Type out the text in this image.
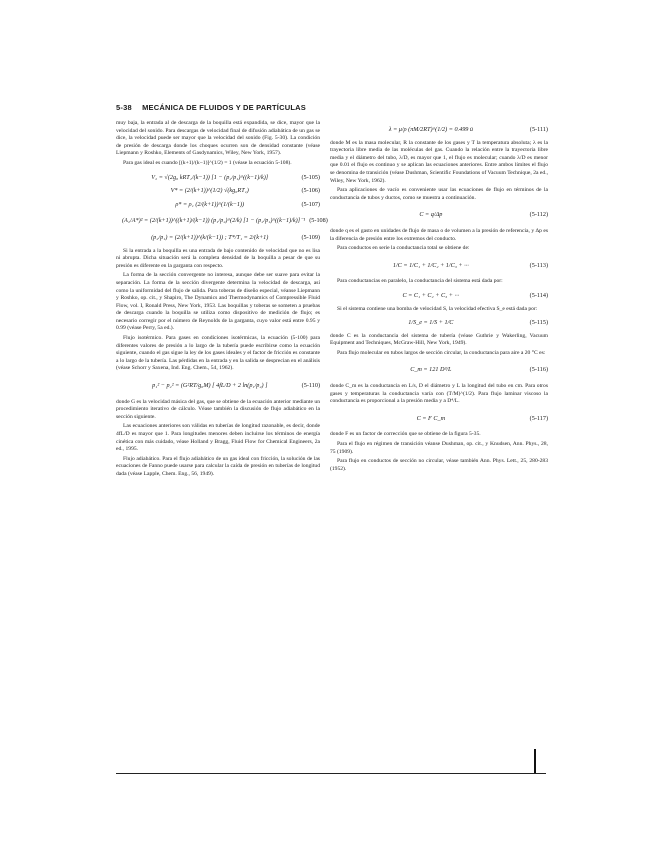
5-38 MECÁNICA DE FLUIDOS Y DE PARTÍCULAS

muy baja, la entrada al de descarga de la boquilla está expandida, se dice, mayor que la velocidad del sonido. Para descargas de velocidad final de difusión adiabática de un gas se dice, la velocidad puede ser mayor que la velocidad del sonido (Fig. 5-30). La condición de presión de descarga donde los choques ocurren son de densidad constante (véase Liepmann y Roshko, Elements of Gasdynamics, Wiley, New York, 1957).

Para gas ideal es cuando [(k+1)/(k−1)]^(1/2) = 1 (véase la ecuación 5-108).

V₂ = √(2g₀ kRT₁/(k−1)) [1 − (p₂/p₁)^((k−1)/k)]	(5-105)
V* = (2/(k+1))^(1/2) √(kg₀RT₁)	(5-106)
ρ* = ρ₁ (2/(k+1))^(1/(k−1))	(5-107)
(A₂/A*)² = (2/(k+1))^((k+1)/(k−1)) (p₁/p₂)^(2/k) [1 − (p₂/p₁)^((k−1)/k)]⁻¹ (5-108)
(p₂/p₁) = (2/(k+1))^(k/(k−1)) ; T*/T₁ = 2/(k+1)	(5-109)

Si la entrada a la boquilla es una entrada de bajo contenido de velocidad que no es lisa ni abrupta. Dicha situación será la completa densidad de la boquilla a pesar de que su presión es diferente en la garganta con respecto.

La forma de la sección convergente no interesa, aunque debe ser suave para evitar la separación. La forma de la sección divergente determina la velocidad de descarga, así como la uniformidad del flujo de salida. Para toberas de diseño especial, véanse Liepmann y Roshko, op. cit., y Shapiro, The Dynamics and Thermodynamics of Compressible Fluid Flow, vol. I, Ronald Press, New York, 1953. Las boquillas y toberas se someten a pruebas de descarga cuando la boquilla se utiliza como dispositivo de medición de flujo; es necesario corregir por el número de Reynolds de la garganta, cuyo valor está entre 0.95 y 0.99 (véase Perry, 5a ed.).

Flujo isotérmico. Para gases en condiciones isotérmicas, la ecuación (5-100) para diferentes valores de presión a lo largo de la tubería puede escribirse como la ecuación siguiente, cuando el gas sigue la ley de los gases ideales y el factor de fricción es constante a lo largo de la tubería. Las pérdidas en la entrada y en la salida se desprecian en el análisis (véase Schorr y Saxena, Ind. Eng. Chem., 54, 1962).

p₁² − p₂² = (G²RT/g₀M) [ 4fL/D + 2 ln(p₁/p₂) ]	(5-110)

donde G es la velocidad másica del gas, que se obtiene de la ecuación anterior mediante un procedimiento iterativo de cálculo. Véase también la discusión de flujo adiabático en la sección siguiente.

Las ecuaciones anteriores son válidas en tuberías de longitud razonable, es decir, donde 4fL/D es mayor que 1. Para longitudes menores deben incluirse los términos de energía cinética con más cuidado, véase Holland y Bragg, Fluid Flow for Chemical Engineers, 2a ed., 1995.

Flujo adiabático. Para el flujo adiabático de un gas ideal con fricción, la solución de las ecuaciones de Fanno puede usarse para calcular la caída de presión en tuberías de longitud dada (véase Lapple, Chem. Eng., 56, 1949).

λ = μ/ρ (πM/2RT)^(1/2) = 0.499 ū	(5-111)

donde M es la masa molecular, R la constante de los gases y T la temperatura absoluta; λ es la trayectoria libre media de las moléculas del gas. Cuando la relación entre la trayectoria libre media y el diámetro del tubo, λ/D, es mayor que 1, el flujo es molecular; cuando λ/D es menor que 0.01 el flujo es continuo y se aplican las ecuaciones anteriores. Entre ambos límites el flujo se denomina de transición (véase Dushman, Scientific Foundations of Vacuum Technique, 2a ed., Wiley, New York, 1962).

Para aplicaciones de vacío es conveniente usar las ecuaciones de flujo en términos de la conductancia de tubos y ductos, como se muestra a continuación.

C = q/Δp	(5-112)

donde q es el gasto en unidades de flujo de masa o de volumen a la presión de referencia, y Δp es la diferencia de presión entre los extremos del conducto.

Para conductos en serie la conductancia total se obtiene de:

1/C = 1/C₁ + 1/C₂ + 1/C₃ + ···	(5-113)

Para conductancias en paralelo, la conductancia del sistema está dada por:

C = C₁ + C₂ + C₃ + ···	(5-114)

Si el sistema contiene una bomba de velocidad S, la velocidad efectiva S_e está dada por:

1/S_e = 1/S + 1/C	(5-115)

donde C es la conductancia del sistema de tubería (véase Guthrie y Wakerling, Vacuum Equipment and Techniques, McGraw-Hill, New York, 1949).

Para flujo molecular en tubos largos de sección circular, la conductancia para aire a 20 °C es:

C_m = 121 D³/L	(5-116)

donde C_m es la conductancia en L/s, D el diámetro y L la longitud del tubo en cm. Para otros gases y temperaturas la conductancia varía con (T/M)^(1/2). Para flujo laminar viscoso la conductancia es proporcional a la presión media y a D⁴/L.

C = F C_m	(5-117)

donde F es un factor de corrección que se obtiene de la figura 5-35.

Para el flujo en régimen de transición véanse Dushman, op. cit., y Knudsen, Ann. Phys., 28, 75 (1909).

Para flujo en conductos de sección no circular, véase también Ann. Phys. Lett., 25, 280-283 (1952).
